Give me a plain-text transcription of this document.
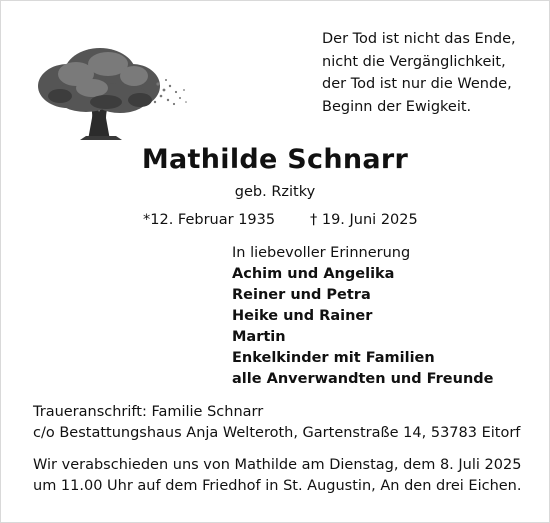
Der Tod ist nicht das Ende,
nicht die Vergänglichkeit,
der Tod ist nur die Wende,
Beginn der Ewigkeit.
Mathilde Schnarr
geb. Rzitky
*12. Februar 1935 † 19. Juni 2025
In liebevoller Erinnerung
Achim und Angelika
Reiner und Petra
Heike und Rainer
Martin
Enkelkinder mit Familien
alle Anverwandten und Freunde
Traueranschrift: Familie Schnarr
c/o Bestattungshaus Anja Welteroth, Gartenstraße 14, 53783 Eitorf
Wir verabschieden uns von Mathilde am Dienstag, dem 8. Juli 2025
um 11.00 Uhr auf dem Friedhof in St. Augustin, An den drei Eichen.
